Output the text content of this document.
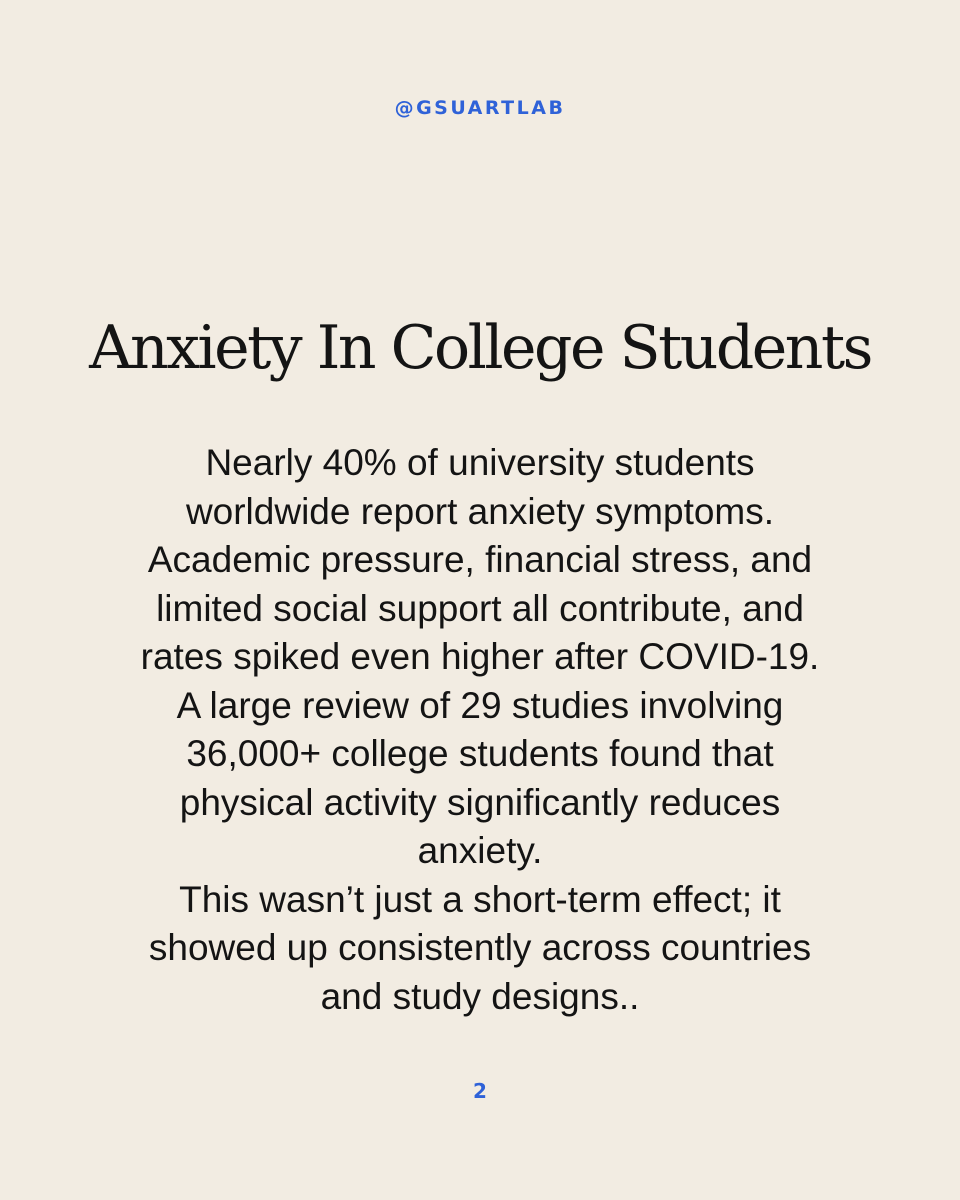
@GSUARTLAB
Anxiety In College Students

Nearly 40% of university students

worldwide report anxiety symptoms.

Academic pressure, financial stress, and

limited social support all contribute, and

rates spiked even higher after COVID-19.

A large review of 29 studies involving

36,000+ college students found that

physical activity significantly reduces

anxiety.

This wasn’t just a short-term effect; it

showed up consistently across countries

and study designs..

2
